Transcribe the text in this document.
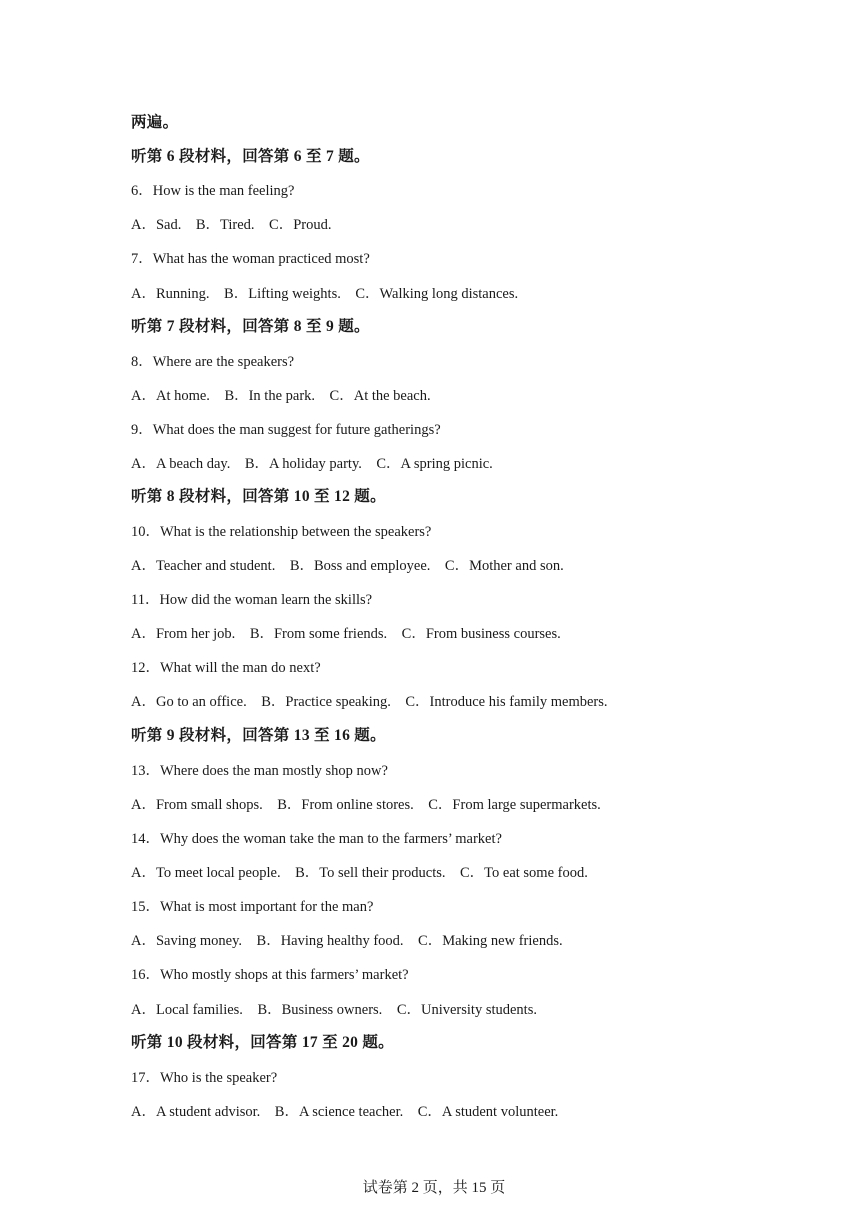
两遍。
听第 6 段材料，回答第 6 至 7 题。
6．How is the man feeling?
A．Sad. B．Tired. C．Proud.
7．What has the woman practiced most?
A．Running. B．Lifting weights. C．Walking long distances.
听第 7 段材料，回答第 8 至 9 题。
8．Where are the speakers?
A．At home. B．In the park. C．At the beach.
9．What does the man suggest for future gatherings?
A．A beach day. B．A holiday party. C．A spring picnic.
听第 8 段材料，回答第 10 至 12 题。
10．What is the relationship between the speakers?
A．Teacher and student. B．Boss and employee. C．Mother and son.
11．How did the woman learn the skills?
A．From her job. B．From some friends. C．From business courses.
12．What will the man do next?
A．Go to an office. B．Practice speaking. C．Introduce his family members.
听第 9 段材料，回答第 13 至 16 题。
13．Where does the man mostly shop now?
A．From small shops. B．From online stores. C．From large supermarkets.
14．Why does the woman take the man to the farmers’ market?
A．To meet local people. B．To sell their products. C．To eat some food.
15．What is most important for the man?
A．Saving money. B．Having healthy food. C．Making new friends.
16．Who mostly shops at this farmers’ market?
A．Local families. B．Business owners. C．University students.
听第 10 段材料，回答第 17 至 20 题。
17．Who is the speaker?
A．A student advisor. B．A science teacher. C．A student volunteer.
试卷第 2 页，共 15 页
